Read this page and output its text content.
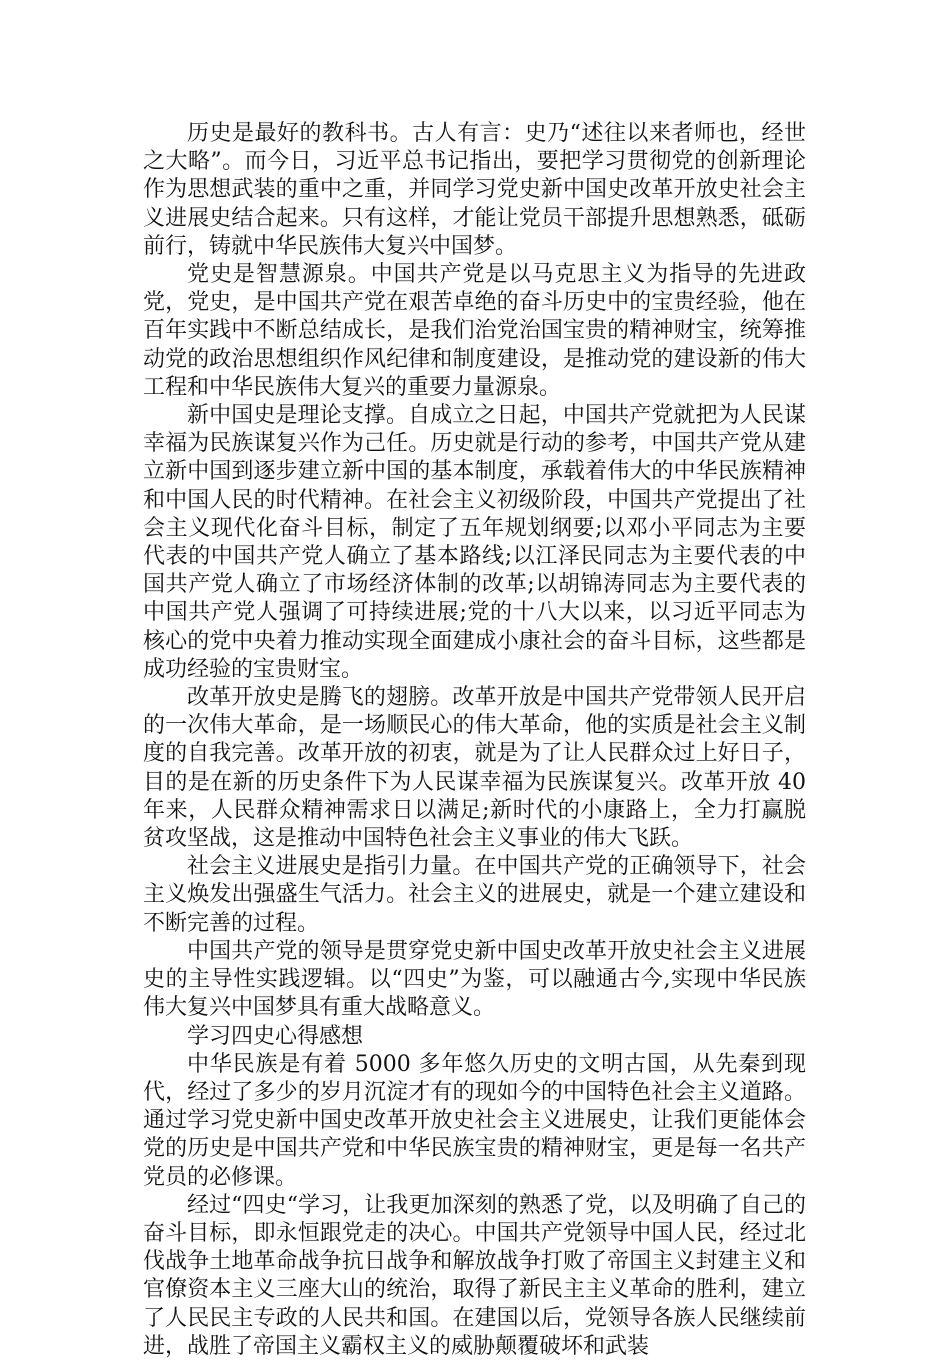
历史是最好的教科书。古人有言：史乃“述往以来者师也，经世之大略”。而今日，习近平总书记指出，要把学习贯彻党的创新理论作为思想武装的重中之重，并同学习党史新中国史改革开放史社会主义进展史结合起来。只有这样，才能让党员干部提升思想熟悉，砥砺前行，铸就中华民族伟大复兴中国梦。

党史是智慧源泉。中国共产党是以马克思主义为指导的先进政党，党史，是中国共产党在艰苦卓绝的奋斗历史中的宝贵经验，他在百年实践中不断总结成长，是我们治党治国宝贵的精神财宝，统筹推动党的政治思想组织作风纪律和制度建设，是推动党的建设新的伟大工程和中华民族伟大复兴的重要力量源泉。

新中国史是理论支撑。自成立之日起，中国共产党就把为人民谋幸福为民族谋复兴作为己任。历史就是行动的参考，中国共产党从建立新中国到逐步建立新中国的基本制度，承载着伟大的中华民族精神和中国人民的时代精神。在社会主义初级阶段，中国共产党提出了社会主义现代化奋斗目标，制定了五年规划纲要;以邓小平同志为主要代表的中国共产党人确立了基本路线;以江泽民同志为主要代表的中国共产党人确立了市场经济体制的改革;以胡锦涛同志为主要代表的中国共产党人强调了可持续进展;党的十八大以来，以习近平同志为核心的党中央着力推动实现全面建成小康社会的奋斗目标，这些都是成功经验的宝贵财宝。

改革开放史是腾飞的翅膀。改革开放是中国共产党带领人民开启的一次伟大革命，是一场顺民心的伟大革命，他的实质是社会主义制度的自我完善。改革开放的初衷，就是为了让人民群众过上好日子，目的是在新的历史条件下为人民谋幸福为民族谋复兴。改革开放 40 年来，人民群众精神需求日以满足;新时代的小康路上，全力打赢脱贫攻坚战，这是推动中国特色社会主义事业的伟大飞跃。

社会主义进展史是指引力量。在中国共产党的正确领导下，社会主义焕发出强盛生气活力。社会主义的进展史，就是一个建立建设和不断完善的过程。

中国共产党的领导是贯穿党史新中国史改革开放史社会主义进展史的主导性实践逻辑。以“四史”为鉴，可以融通古今,实现中华民族伟大复兴中国梦具有重大战略意义。

学习四史心得感想

中华民族是有着 5000 多年悠久历史的文明古国，从先秦到现代，经过了多少的岁月沉淀才有的现如今的中国特色社会主义道路。通过学习党史新中国史改革开放史社会主义进展史，让我们更能体会党的历史是中国共产党和中华民族宝贵的精神财宝，更是每一名共产党员的必修课。

经过“四史“学习，让我更加深刻的熟悉了党，以及明确了自己的奋斗目标，即永恒跟党走的决心。中国共产党领导中国人民，经过北伐战争土地革命战争抗日战争和解放战争打败了帝国主义封建主义和官僚资本主义三座大山的统治，取得了新民主主义革命的胜利，建立了人民民主专政的人民共和国。在建国以后，党领导各族人民继续前进，战胜了帝国主义霸权主义的威胁颠覆破坏和武装
